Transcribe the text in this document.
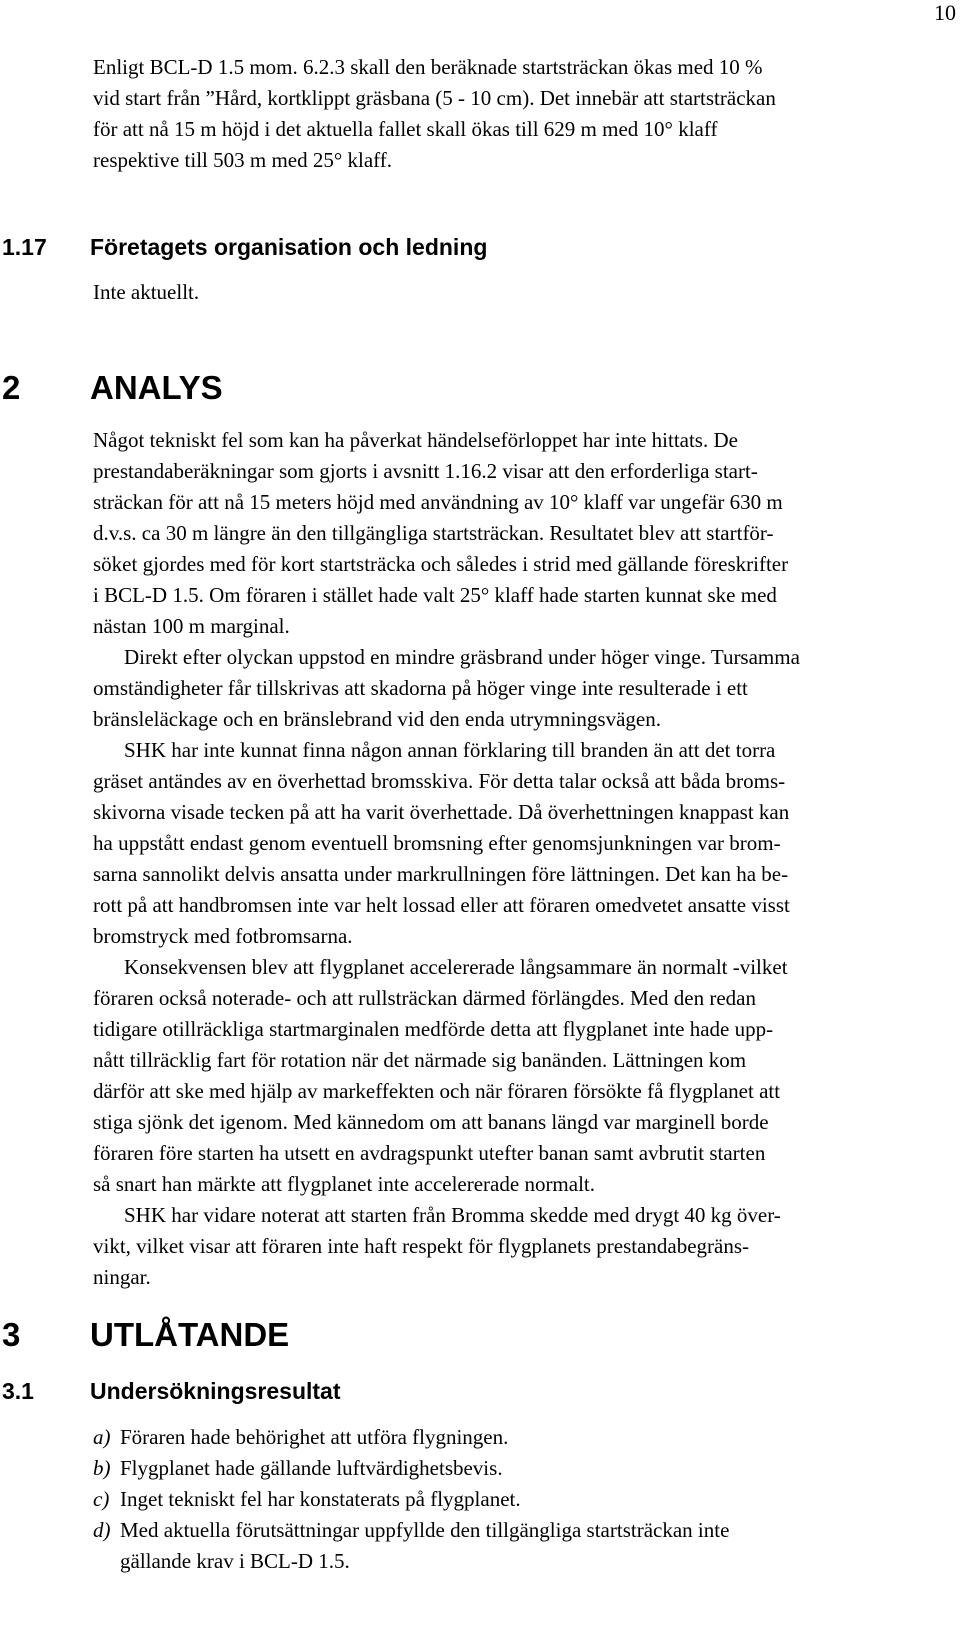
10
Enligt BCL-D 1.5 mom. 6.2.3 skall den beräknade startsträckan ökas med 10 %
vid start från ”Hård, kortklippt gräsbana (5 - 10 cm). Det innebär att startsträckan
för att nå 15 m höjd i det aktuella fallet skall ökas till 629 m med 10° klaff
respektive till 503 m med 25° klaff.
1.17 Företagets organisation och ledning
Inte aktuellt.
2 ANALYS
Något tekniskt fel som kan ha påverkat händelseförloppet har inte hittats. De
prestandaberäkningar som gjorts i avsnitt 1.16.2 visar att den erforderliga start-
sträckan för att nå 15 meters höjd med användning av 10° klaff var ungefär 630 m
d.v.s. ca 30 m längre än den tillgängliga startsträckan. Resultatet blev att startför-
söket gjordes med för kort startsträcka och således i strid med gällande föreskrifter
i BCL-D 1.5. Om föraren i stället hade valt 25° klaff hade starten kunnat ske med
nästan 100 m marginal.
Direkt efter olyckan uppstod en mindre gräsbrand under höger vinge. Tursamma
omständigheter får tillskrivas att skadorna på höger vinge inte resulterade i ett
bränsleläckage och en bränslebrand vid den enda utrymningsvägen.
SHK har inte kunnat finna någon annan förklaring till branden än att det torra
gräset antändes av en överhettad bromsskiva. För detta talar också att båda broms-
skivorna visade tecken på att ha varit överhettade. Då överhettningen knappast kan
ha uppstått endast genom eventuell bromsning efter genomsjunkningen var brom-
sarna sannolikt delvis ansatta under markrullningen före lättningen. Det kan ha be-
rott på att handbromsen inte var helt lossad eller att föraren omedvetet ansatte visst
bromstryck med fotbromsarna.
Konsekvensen blev att flygplanet accelererade långsammare än normalt -vilket
föraren också noterade- och att rullsträckan därmed förlängdes. Med den redan
tidigare otillräckliga startmarginalen medförde detta att flygplanet inte hade upp-
nått tillräcklig fart för rotation när det närmade sig banänden. Lättningen kom
därför att ske med hjälp av markeffekten och när föraren försökte få flygplanet att
stiga sjönk det igenom. Med kännedom om att banans längd var marginell borde
föraren före starten ha utsett en avdragspunkt utefter banan samt avbrutit starten
så snart han märkte att flygplanet inte accelererade normalt.
SHK har vidare noterat att starten från Bromma skedde med drygt 40 kg över-
vikt, vilket visar att föraren inte haft respekt för flygplanets prestandabegräns-
ningar.
3 UTLÅTANDE
3.1 Undersökningsresultat
a) Föraren hade behörighet att utföra flygningen.
b) Flygplanet hade gällande luftvärdighetsbevis.
c) Inget tekniskt fel har konstaterats på flygplanet.
d) Med aktuella förutsättningar uppfyllde den tillgängliga startsträckan inte
gällande krav i BCL-D 1.5.
